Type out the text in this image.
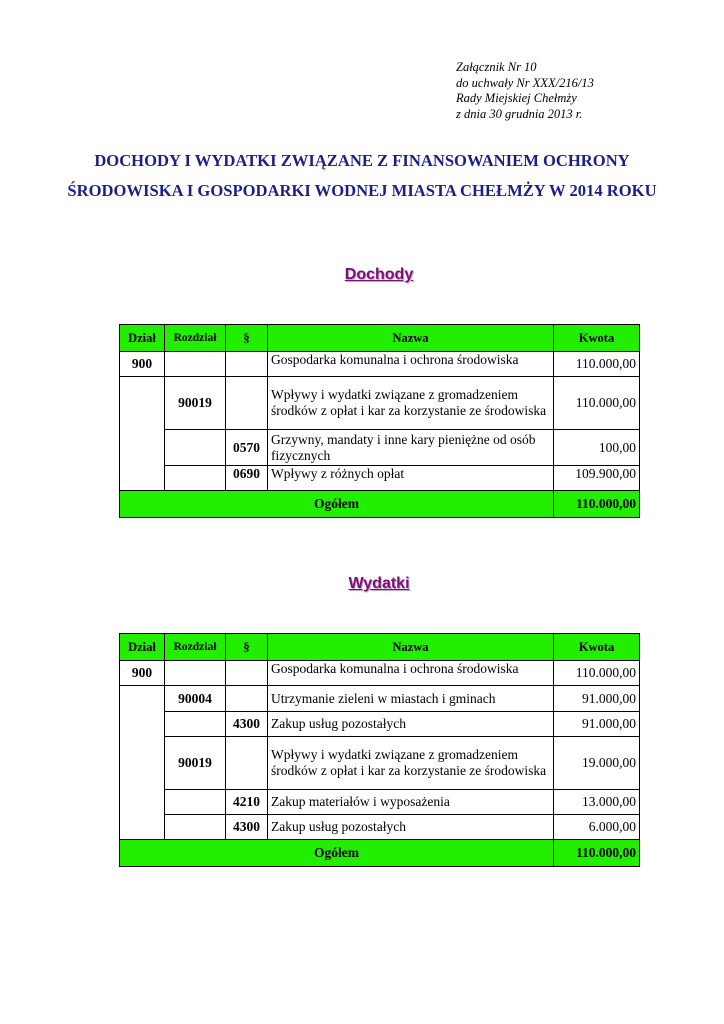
Załącznik Nr 10
do uchwały Nr XXX/216/13
Rady Miejskiej Chełmży
z dnia 30 grudnia 2013 r.
DOCHODY I WYDATKI ZWIĄZANE Z FINANSOWANIEM OCHRONY
ŚRODOWISKA I GOSPODARKI WODNEJ MIASTA CHEŁMŻY W 2014 ROKU
Dochody
Dział	Rozdział	§	Nazwa	Kwota
900			Gospodarka komunalna i ochrona środowiska	110.000,00
	90019		Wpływy i wydatki związane z gromadzeniem środków z opłat i kar za korzystanie ze środowiska	110.000,00
		0570	Grzywny, mandaty i inne kary pieniężne od osób fizycznych	100,00
		0690	Wpływy z różnych opłat	109.900,00
Ogółem				110.000,00
Wydatki
Dział	Rozdział	§	Nazwa	Kwota
900			Gospodarka komunalna i ochrona środowiska	110.000,00
	90004		Utrzymanie zieleni w miastach i gminach	91.000,00
		4300	Zakup usług pozostałych	91.000,00
	90019		Wpływy i wydatki związane z gromadzeniem środków z opłat i kar za korzystanie ze środowiska	19.000,00
		4210	Zakup materiałów i wyposażenia	13.000,00
		4300	Zakup usług pozostałych	6.000,00
Ogółem				110.000,00
